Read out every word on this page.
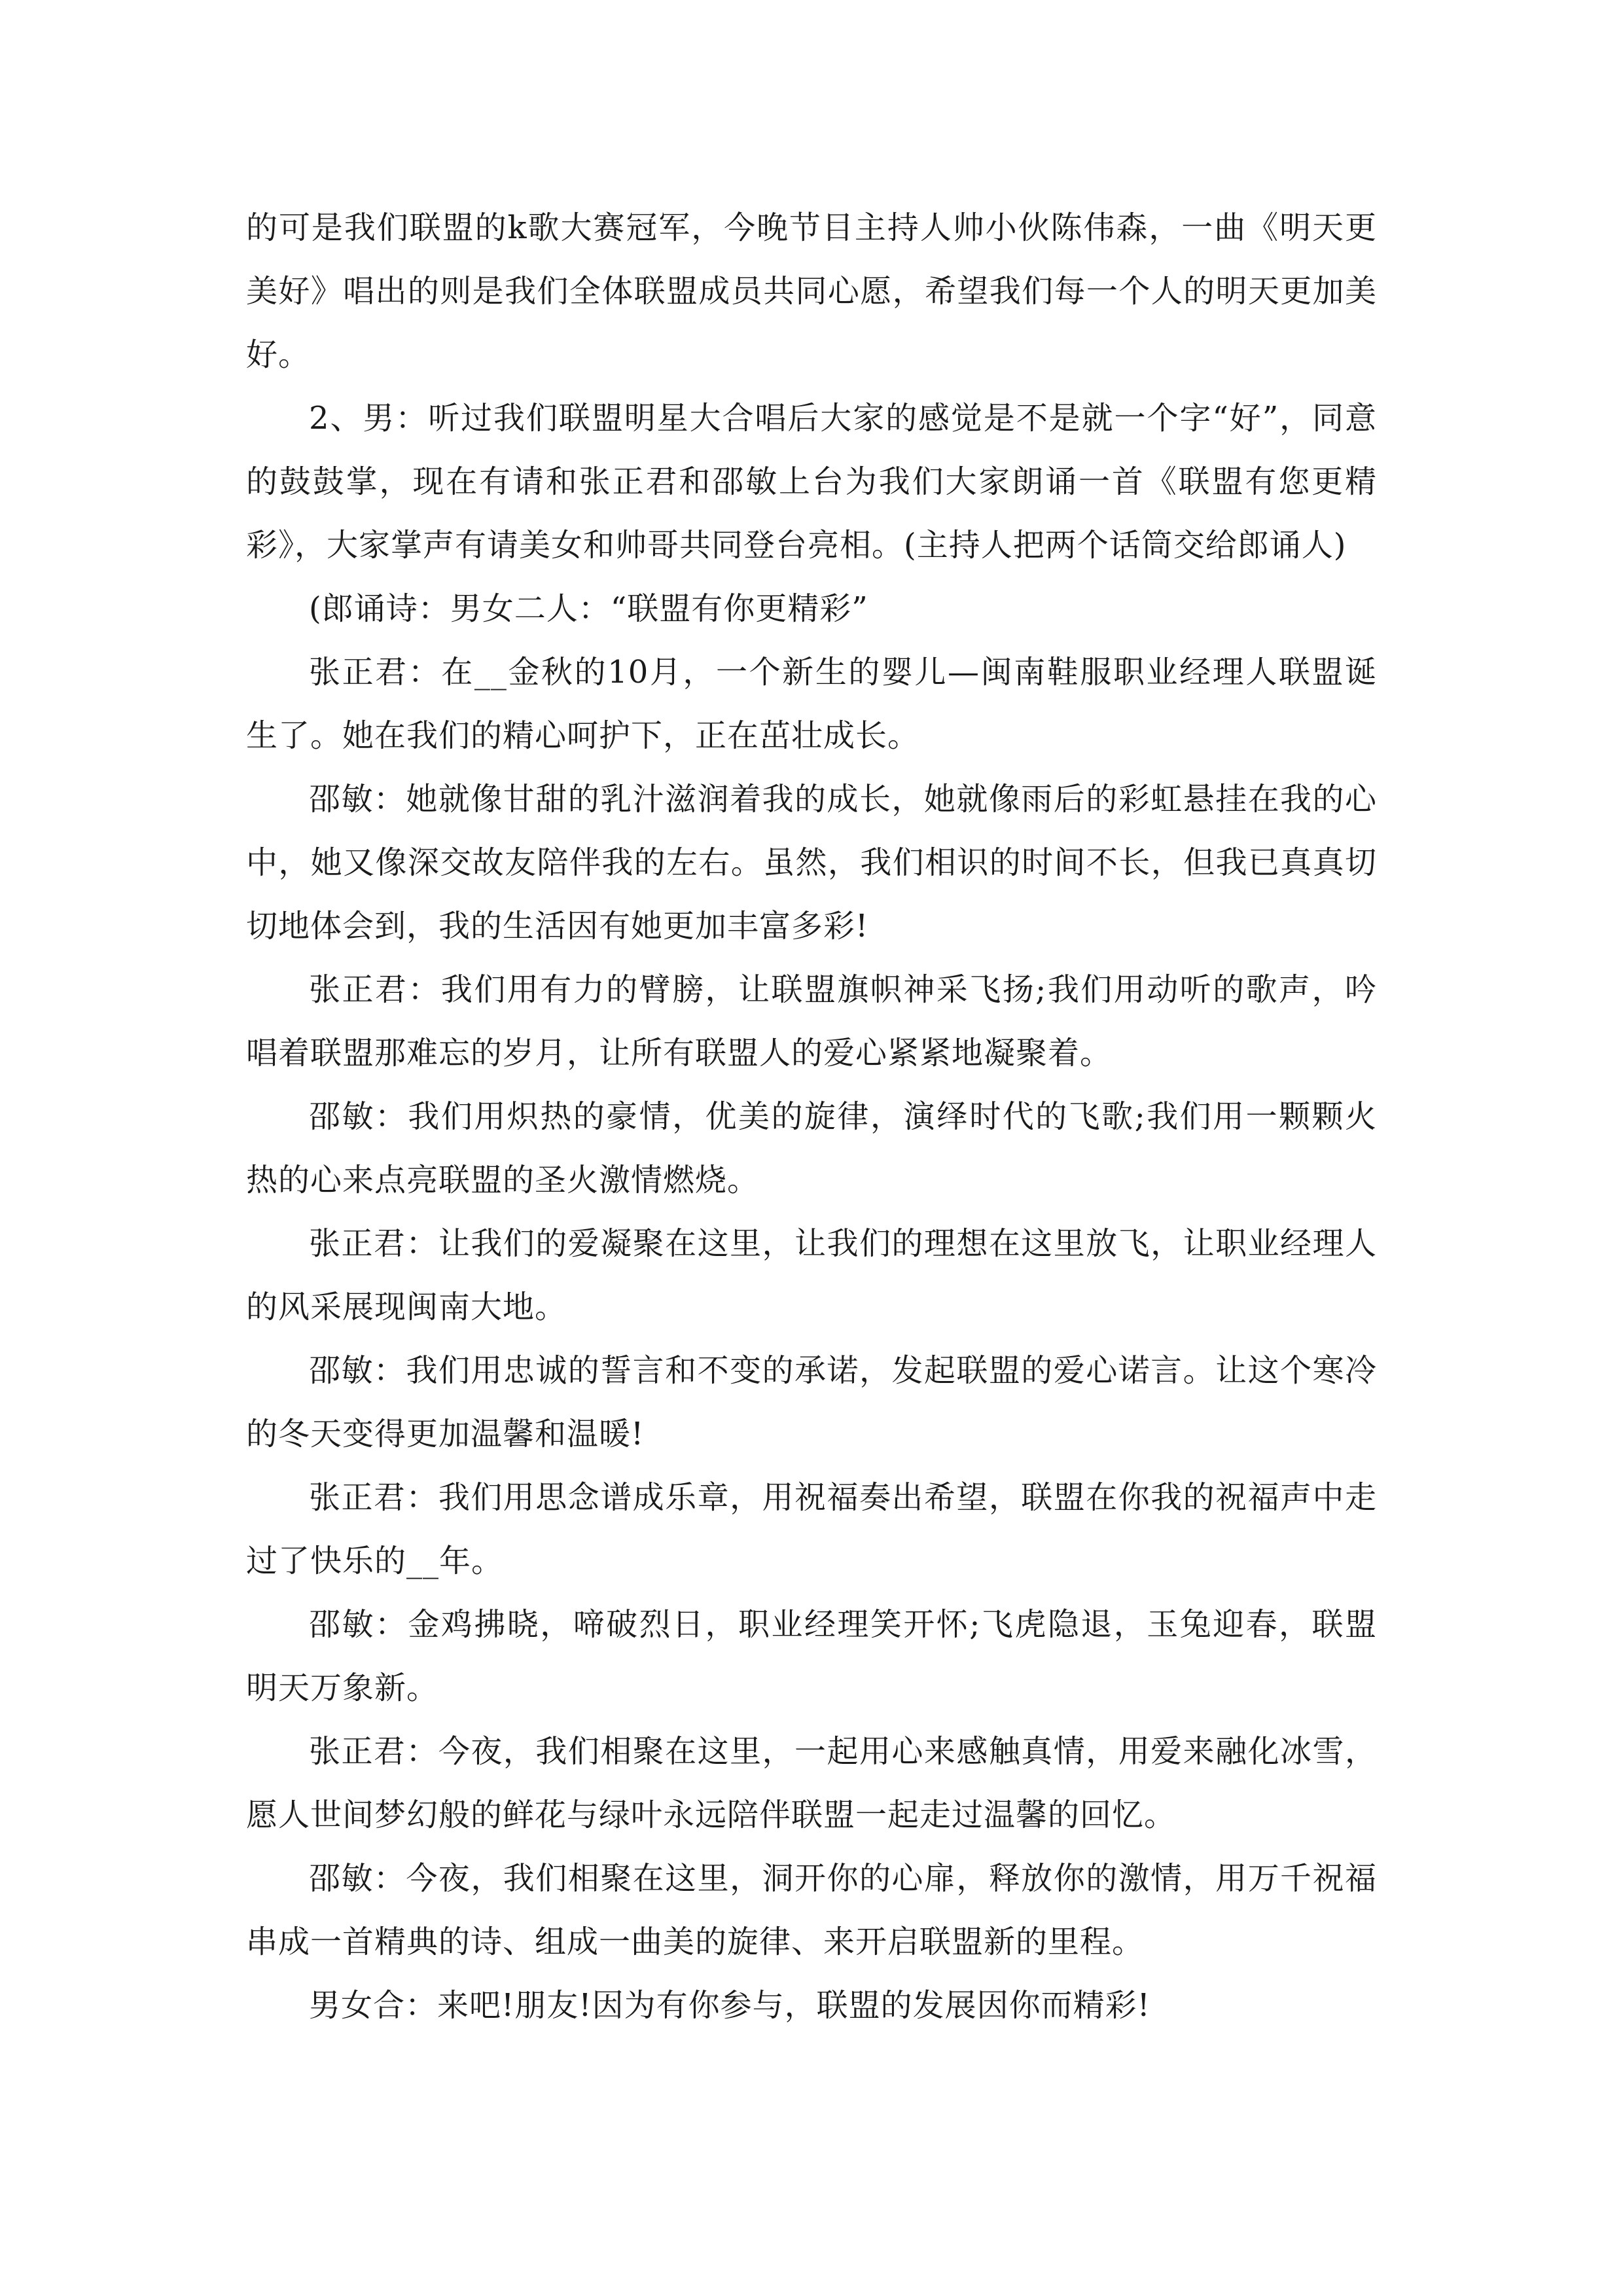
的可是我们联盟的k歌大赛冠军，今晚节目主持人帅小伙陈伟森，一曲《明天更美好》唱出的则是我们全体联盟成员共同心愿，希望我们每一个人的明天更加美好。

2、男：听过我们联盟明星大合唱后大家的感觉是不是就一个字“好”，同意的鼓鼓掌，现在有请和张正君和邵敏上台为我们大家朗诵一首《联盟有您更精彩》，大家掌声有请美女和帅哥共同登台亮相。(主持人把两个话筒交给郎诵人)

(郎诵诗：男女二人：“联盟有你更精彩”

张正君：在__金秋的10月，一个新生的婴儿—闽南鞋服职业经理人联盟诞生了。她在我们的精心呵护下，正在茁壮成长。

邵敏：她就像甘甜的乳汁滋润着我的成长，她就像雨后的彩虹悬挂在我的心中，她又像深交故友陪伴我的左右。虽然，我们相识的时间不长，但我已真真切切地体会到，我的生活因有她更加丰富多彩!

张正君：我们用有力的臂膀，让联盟旗帜神采飞扬;我们用动听的歌声，吟唱着联盟那难忘的岁月，让所有联盟人的爱心紧紧地凝聚着。

邵敏：我们用炽热的豪情，优美的旋律，演绎时代的飞歌;我们用一颗颗火热的心来点亮联盟的圣火激情燃烧。

张正君：让我们的爱凝聚在这里，让我们的理想在这里放飞，让职业经理人的风采展现闽南大地。

邵敏：我们用忠诚的誓言和不变的承诺，发起联盟的爱心诺言。让这个寒冷的冬天变得更加温馨和温暖!

张正君：我们用思念谱成乐章，用祝福奏出希望，联盟在你我的祝福声中走过了快乐的__年。

邵敏：金鸡拂晓，啼破烈日，职业经理笑开怀;飞虎隐退，玉兔迎春，联盟明天万象新。

张正君：今夜，我们相聚在这里，一起用心来感触真情，用爱来融化冰雪，愿人世间梦幻般的鲜花与绿叶永远陪伴联盟一起走过温馨的回忆。

邵敏：今夜，我们相聚在这里，洞开你的心扉，释放你的激情，用万千祝福串成一首精典的诗、组成一曲美的旋律、来开启联盟新的里程。

男女合：来吧!朋友!因为有你参与，联盟的发展因你而精彩!
